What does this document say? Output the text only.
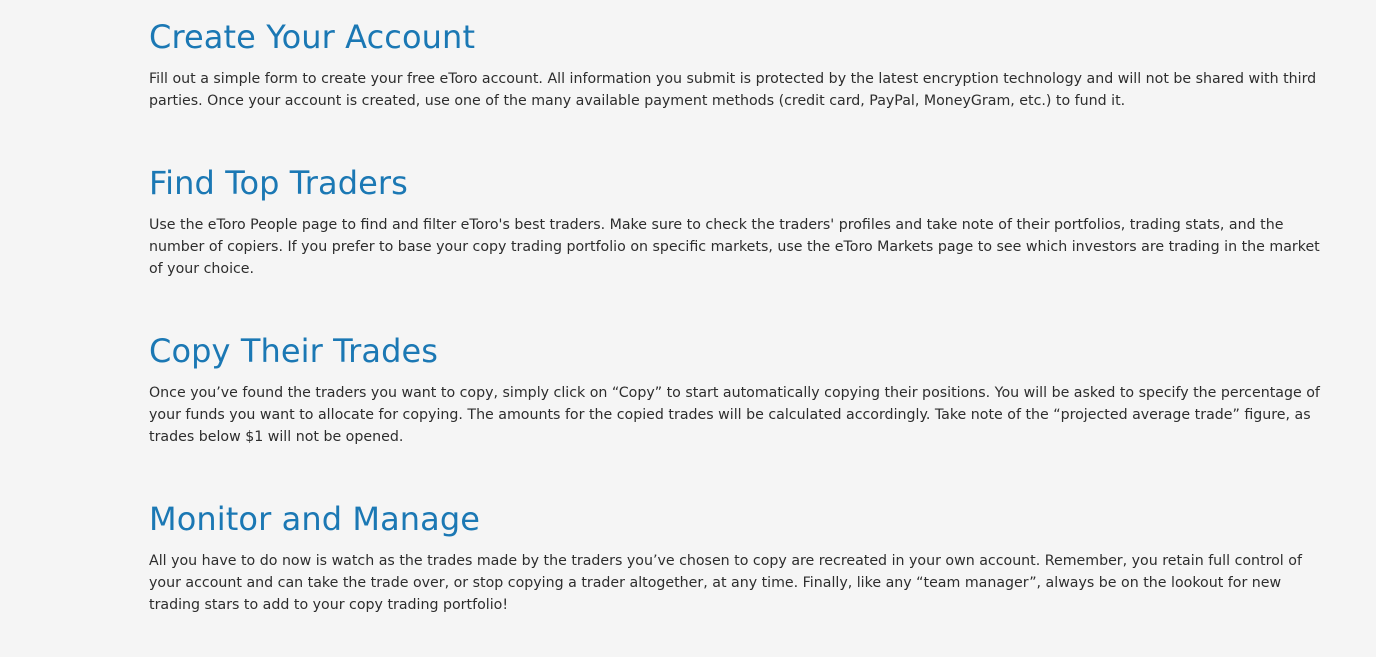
Create Your Account

Fill out a simple form to create your free eToro account. All information you submit is protected by the latest encryption technology and will not be shared with third parties. Once your account is created, use one of the many available payment methods (credit card, PayPal, MoneyGram, etc.) to fund it.

Find Top Traders

Use the eToro People page to find and filter eToro's best traders. Make sure to check the traders' profiles and take note of their portfolios, trading stats, and the number of copiers. If you prefer to base your copy trading portfolio on specific markets, use the eToro Markets page to see which investors are trading in the market of your choice.

Copy Their Trades

Once you’ve found the traders you want to copy, simply click on “Copy” to start automatically copying their positions. You will be asked to specify the percentage of your funds you want to allocate for copying. The amounts for the copied trades will be calculated accordingly. Take note of the “projected average trade” figure, as trades below $1 will not be opened.

Monitor and Manage

All you have to do now is watch as the trades made by the traders you’ve chosen to copy are recreated in your own account. Remember, you retain full control of your account and can take the trade over, or stop copying a trader altogether, at any time. Finally, like any “team manager”, always be on the lookout for new trading stars to add to your copy trading portfolio!
